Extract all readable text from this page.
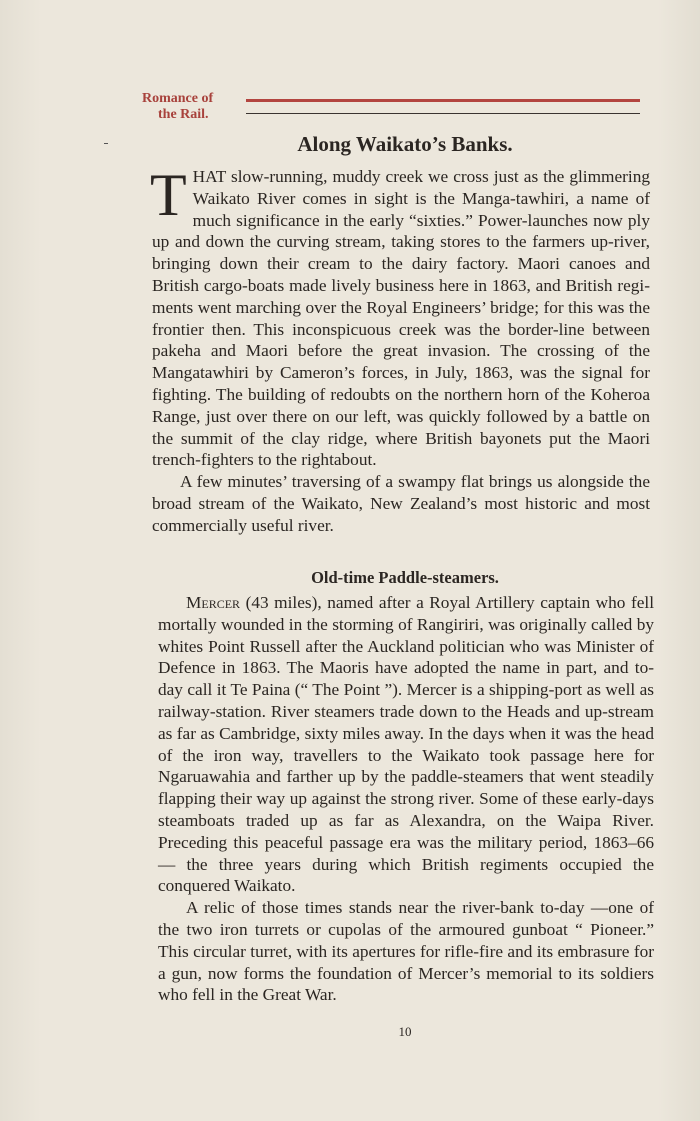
Romance of
the Rail.
Along Waikato’s Banks.

THAT slow-running, muddy creek we cross just as the glimmering Waikato River comes in sight is the Manga-tawhiri, a name of much significance in the early “sixties.” Power-launches now ply up and down the curving stream, taking stores to the farmers up-river, bringing down their cream to the dairy factory. Maori canoes and British cargo-boats made lively business here in 1863, and British regi-ments went marching over the Royal Engineers’ bridge; for this was the frontier then. This inconspicuous creek was the border-line between pakeha and Maori before the great invasion. The crossing of the Mangatawhiri by Cameron’s forces, in July, 1863, was the signal for fighting. The building of redoubts on the northern horn of the Koheroa Range, just over there on our left, was quickly followed by a battle on the summit of the clay ridge, where British bayonets put the Maori trench-fighters to the rightabout.

A few minutes’ traversing of a swampy flat brings us alongside the broad stream of the Waikato, New Zealand’s most historic and most commercially useful river.

Old-time Paddle-steamers.

Mercer (43 miles), named after a Royal Artillery captain who fell mortally wounded in the storming of Rangiriri, was originally called by whites Point Russell after the Auckland politician who was Minister of Defence in 1863. The Maoris have adopted the name in part, and to-day call it Te Paina (“ The Point ”). Mercer is a shipping-port as well as railway-station. River steamers trade down to the Heads and up-stream as far as Cambridge, sixty miles away. In the days when it was the head of the iron way, travellers to the Waikato took passage here for Ngaruawahia and farther up by the paddle-steamers that went steadily flapping their way up against the strong river. Some of these early-days steamboats traded up as far as Alexandra, on the Waipa River. Preceding this peaceful passage era was the military period, 1863–66 — the three years during which British regiments occupied the conquered Waikato.

A relic of those times stands near the river-bank to-day —one of the two iron turrets or cupolas of the armoured gunboat “ Pioneer.” This circular turret, with its apertures for rifle-fire and its embrasure for a gun, now forms the foundation of Mercer’s memorial to its soldiers who fell in the Great War.

10
